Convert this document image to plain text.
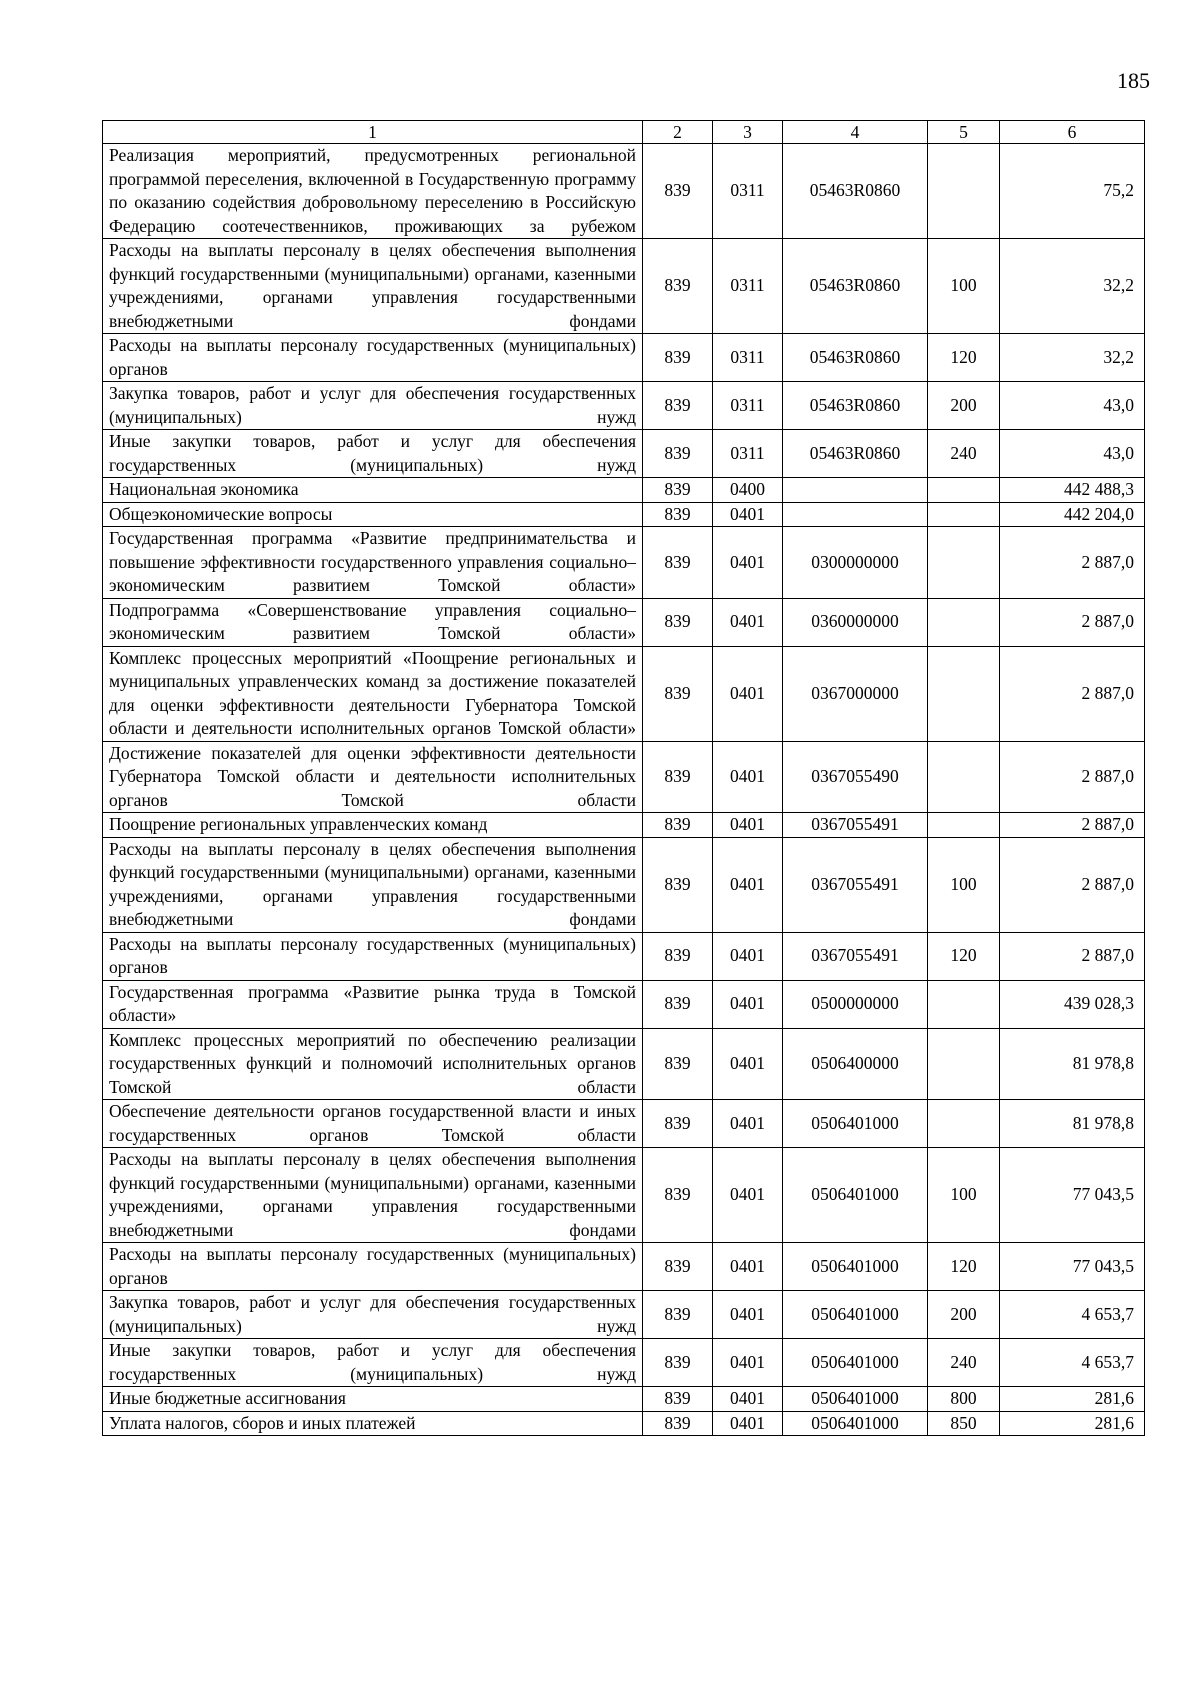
185
1	2	3	4	5	6
Реализация мероприятий, предусмотренных региональной программой переселения, включенной в Государственную программу по оказанию содействия добровольному переселению в Российскую Федерацию соотечественников, проживающих за рубежом	839	0311	05463R0860		75,2
Расходы на выплаты персоналу в целях обеспечения выполнения функций государственными (муниципальными) органами, казенными учреждениями, органами управления государственными внебюджетными фондами	839	0311	05463R0860	100	32,2
Расходы на выплаты персоналу государственных (муниципальных) органов	839	0311	05463R0860	120	32,2
Закупка товаров, работ и услуг для обеспечения государственных (муниципальных) нужд	839	0311	05463R0860	200	43,0
Иные закупки товаров, работ и услуг для обеспечения государственных (муниципальных) нужд	839	0311	05463R0860	240	43,0
Национальная экономика	839	0400			442 488,3
Общеэкономические вопросы	839	0401			442 204,0
Государственная программа «Развитие предпринимательства и повышение эффективности государственного управления социально–экономическим развитием Томской области»	839	0401	0300000000		2 887,0
Подпрограмма «Совершенствование управления социально–экономическим развитием Томской области»	839	0401	0360000000		2 887,0
Комплекс процессных мероприятий «Поощрение региональных и муниципальных управленческих команд за достижение показателей для оценки эффективности деятельности Губернатора Томской области и деятельности исполнительных органов Томской области»	839	0401	0367000000		2 887,0
Достижение показателей для оценки эффективности деятельности Губернатора Томской области и деятельности исполнительных органов Томской области	839	0401	0367055490		2 887,0
Поощрение региональных управленческих команд	839	0401	0367055491		2 887,0
Расходы на выплаты персоналу в целях обеспечения выполнения функций государственными (муниципальными) органами, казенными учреждениями, органами управления государственными внебюджетными фондами	839	0401	0367055491	100	2 887,0
Расходы на выплаты персоналу государственных (муниципальных) органов	839	0401	0367055491	120	2 887,0
Государственная программа «Развитие рынка труда в Томской области»	839	0401	0500000000		439 028,3
Комплекс процессных мероприятий по обеспечению реализации государственных функций и полномочий исполнительных органов Томской области	839	0401	0506400000		81 978,8
Обеспечение деятельности органов государственной власти и иных государственных органов Томской области	839	0401	0506401000		81 978,8
Расходы на выплаты персоналу в целях обеспечения выполнения функций государственными (муниципальными) органами, казенными учреждениями, органами управления государственными внебюджетными фондами	839	0401	0506401000	100	77 043,5
Расходы на выплаты персоналу государственных (муниципальных) органов	839	0401	0506401000	120	77 043,5
Закупка товаров, работ и услуг для обеспечения государственных (муниципальных) нужд	839	0401	0506401000	200	4 653,7
Иные закупки товаров, работ и услуг для обеспечения государственных (муниципальных) нужд	839	0401	0506401000	240	4 653,7
Иные бюджетные ассигнования	839	0401	0506401000	800	281,6
Уплата налогов, сборов и иных платежей	839	0401	0506401000	850	281,6
